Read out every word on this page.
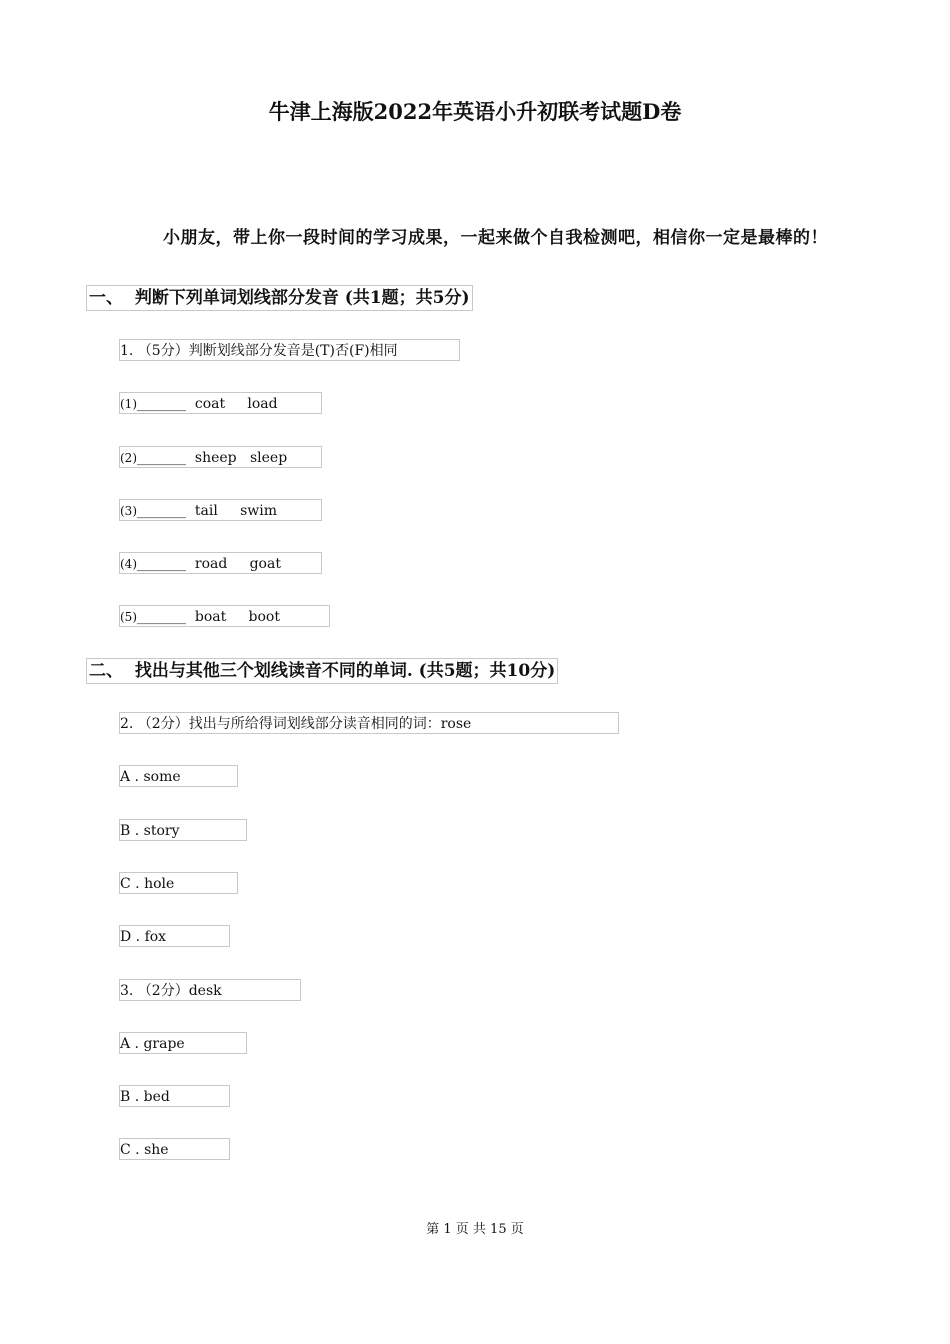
牛津上海版2022年英语小升初联考试题D卷
小朋友，带上你一段时间的学习成果，一起来做个自我检测吧，相信你一定是最棒的！
一、  判断下列单词划线部分发音 (共1题；共5分)
1. （5分）判断划线部分发音是(T)否(F)相同
(1)_______  coat     load
(2)_______  sheep   sleep
(3)_______  tail     swim
(4)_______  road     goat
(5)_______  boat     boot
二、  找出与其他三个划线读音不同的单词. (共5题；共10分)
2. （2分）找出与所给得词划线部分读音相同的词：rose
A . some
B . story
C . hole
D . fox
3. （2分）desk
A . grape
B . bed
C . she
第 1 页 共 15 页
